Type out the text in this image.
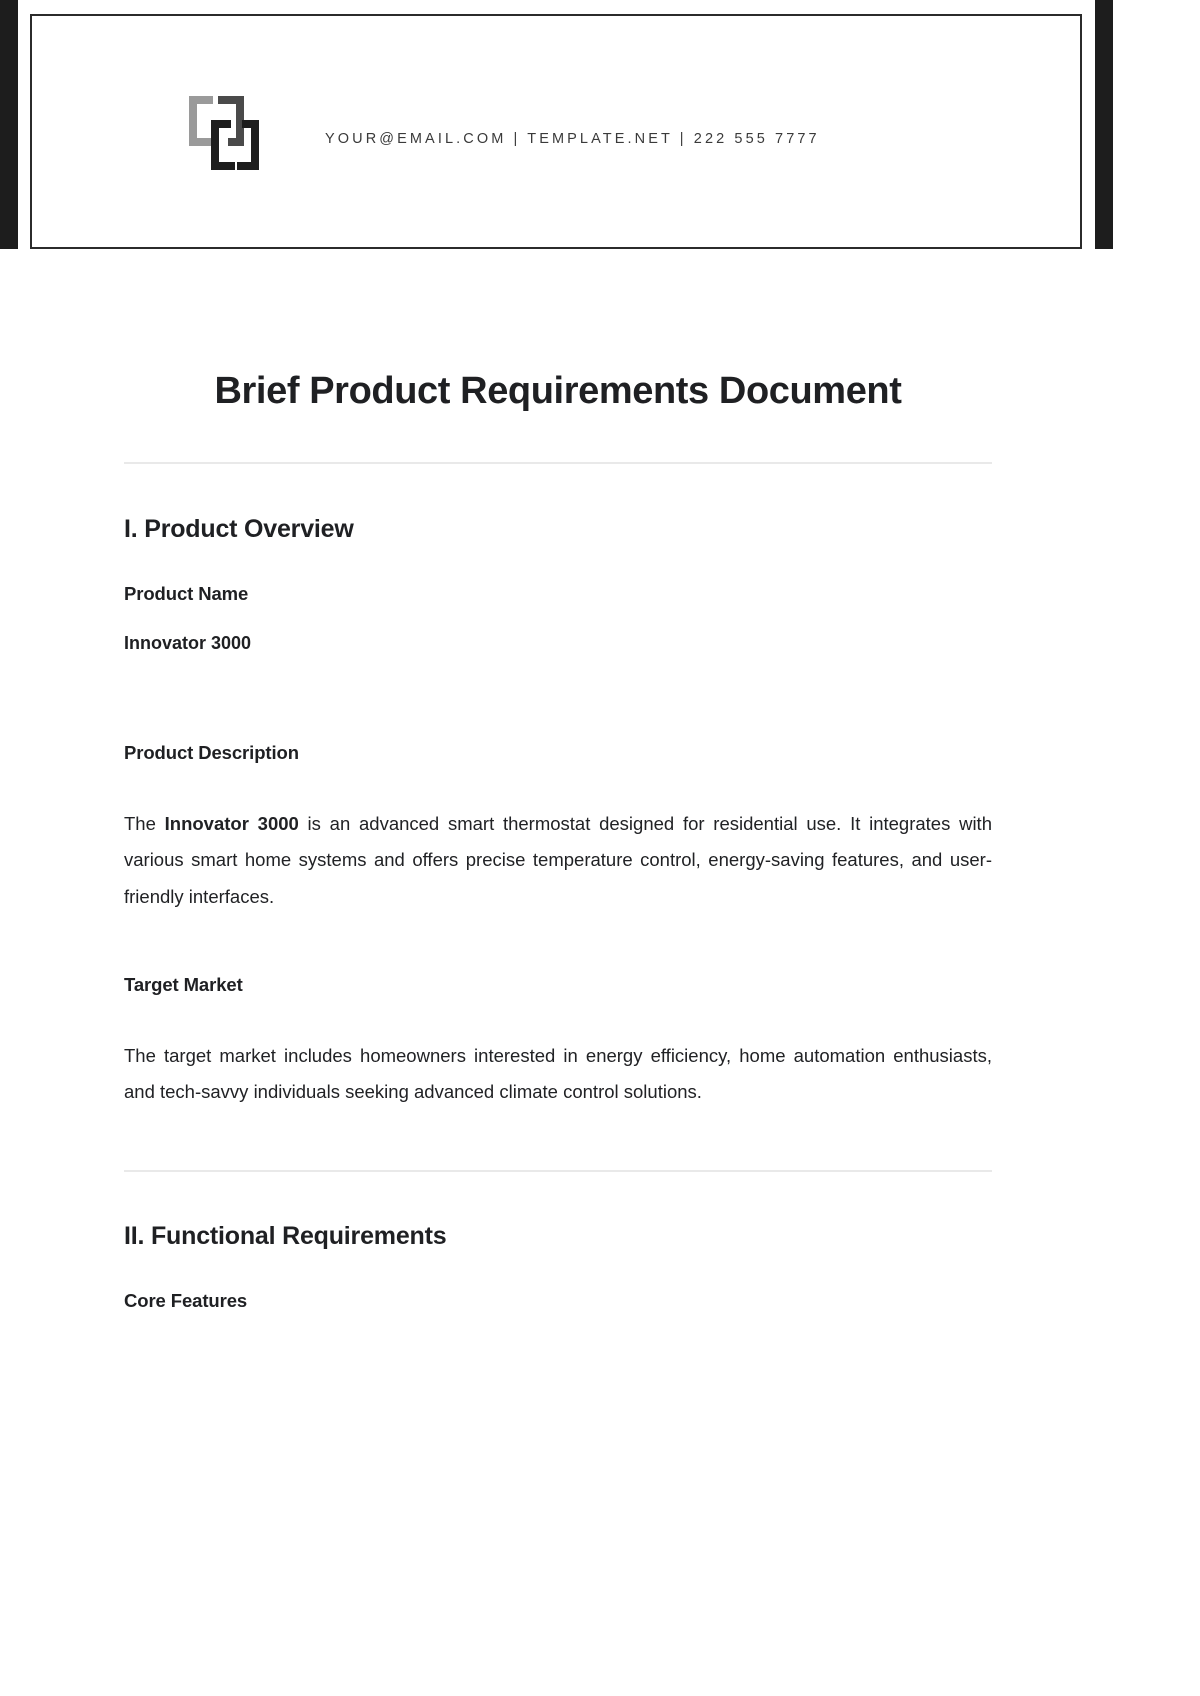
YOUR@EMAIL.COM | TEMPLATE.NET | 222 555 7777
Brief Product Requirements Document
I. Product Overview
Product Name
Innovator 3000
Product Description

The Innovator 3000 is an advanced smart thermostat designed for residential use. It integrates with various smart home systems and offers precise temperature control, energy-saving features, and user-friendly interfaces.

Target Market

The target market includes homeowners interested in energy efficiency, home automation enthusiasts, and tech-savvy individuals seeking advanced climate control solutions.

II. Functional Requirements
Core Features
